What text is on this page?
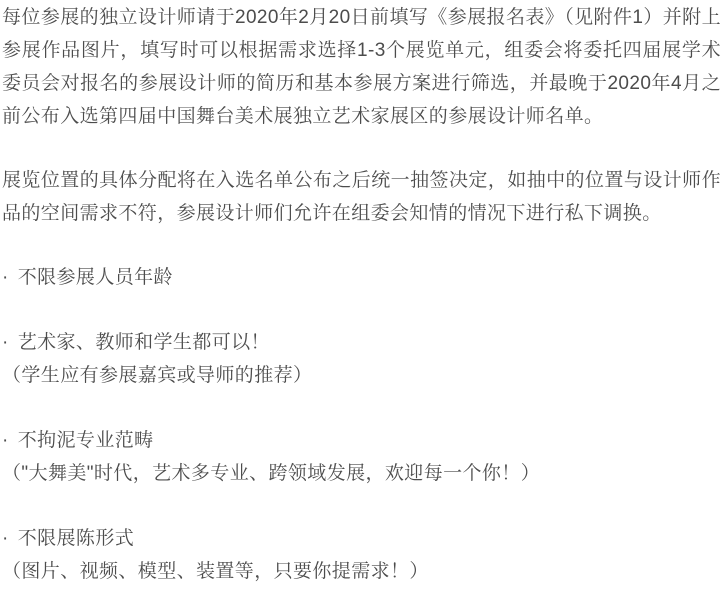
每位参展的独立设计师请于2020年2月20日前填写《参展报名表》（见附件1）并附上参展作品图片，填写时可以根据需求选择1-3个展览单元，组委会将委托四届展学术委员会对报名的参展设计师的简历和基本参展方案进行筛选，并最晚于2020年4月之前公布入选第四届中国舞台美术展独立艺术家展区的参展设计师名单。

展览位置的具体分配将在入选名单公布之后统一抽签决定，如抽中的位置与设计师作品的空间需求不符，参展设计师们允许在组委会知情的情况下进行私下调换。

· 不限参展人员年龄
· 艺术家、教师和学生都可以！
（学生应有参展嘉宾或导师的推荐）
· 不拘泥专业范畴
（"大舞美"时代，艺术多专业、跨领域发展，欢迎每一个你！）
· 不限展陈形式
（图片、视频、模型、装置等，只要你提需求！）
